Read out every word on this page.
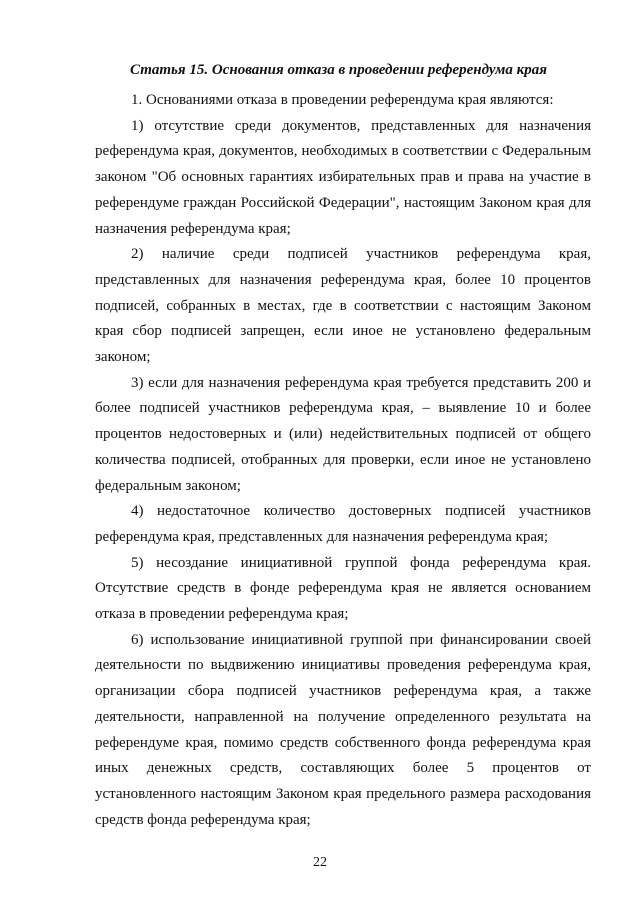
Статья 15. Основания отказа в проведении референдума края

1. Основаниями отказа в проведении референдума края являются:

1) отсутствие среди документов, представленных для назначения референдума края, документов, необходимых в соответствии с Федеральным законом "Об основных гарантиях избирательных прав и права на участие в референдуме граждан Российской Федерации", настоящим Законом края для назначения референдума края;

2) наличие среди подписей участников референдума края, представленных для назначения референдума края, более 10 процентов подписей, собранных в местах, где в соответствии с настоящим Законом края сбор подписей запрещен, если иное не установлено федеральным законом;

3) если для назначения референдума края требуется представить 200 и более подписей участников референдума края, – выявление 10 и более процентов недостоверных и (или) недействительных подписей от общего количества подписей, отобранных для проверки, если иное не установлено федеральным законом;

4) недостаточное количество достоверных подписей участников референдума края, представленных для назначения референдума края;

5) несоздание инициативной группой фонда референдума края. Отсутствие средств в фонде референдума края не является основанием отказа в проведении референдума края;

6) использование инициативной группой при финансировании своей деятельности по выдвижению инициативы проведения референдума края, организации сбора подписей участников референдума края, а также деятельности, направленной на получение определенного результата на референдуме края, помимо средств собственного фонда референдума края иных денежных средств, составляющих более 5 процентов от установленного настоящим Законом края предельного размера расходования средств фонда референдума края;

22
